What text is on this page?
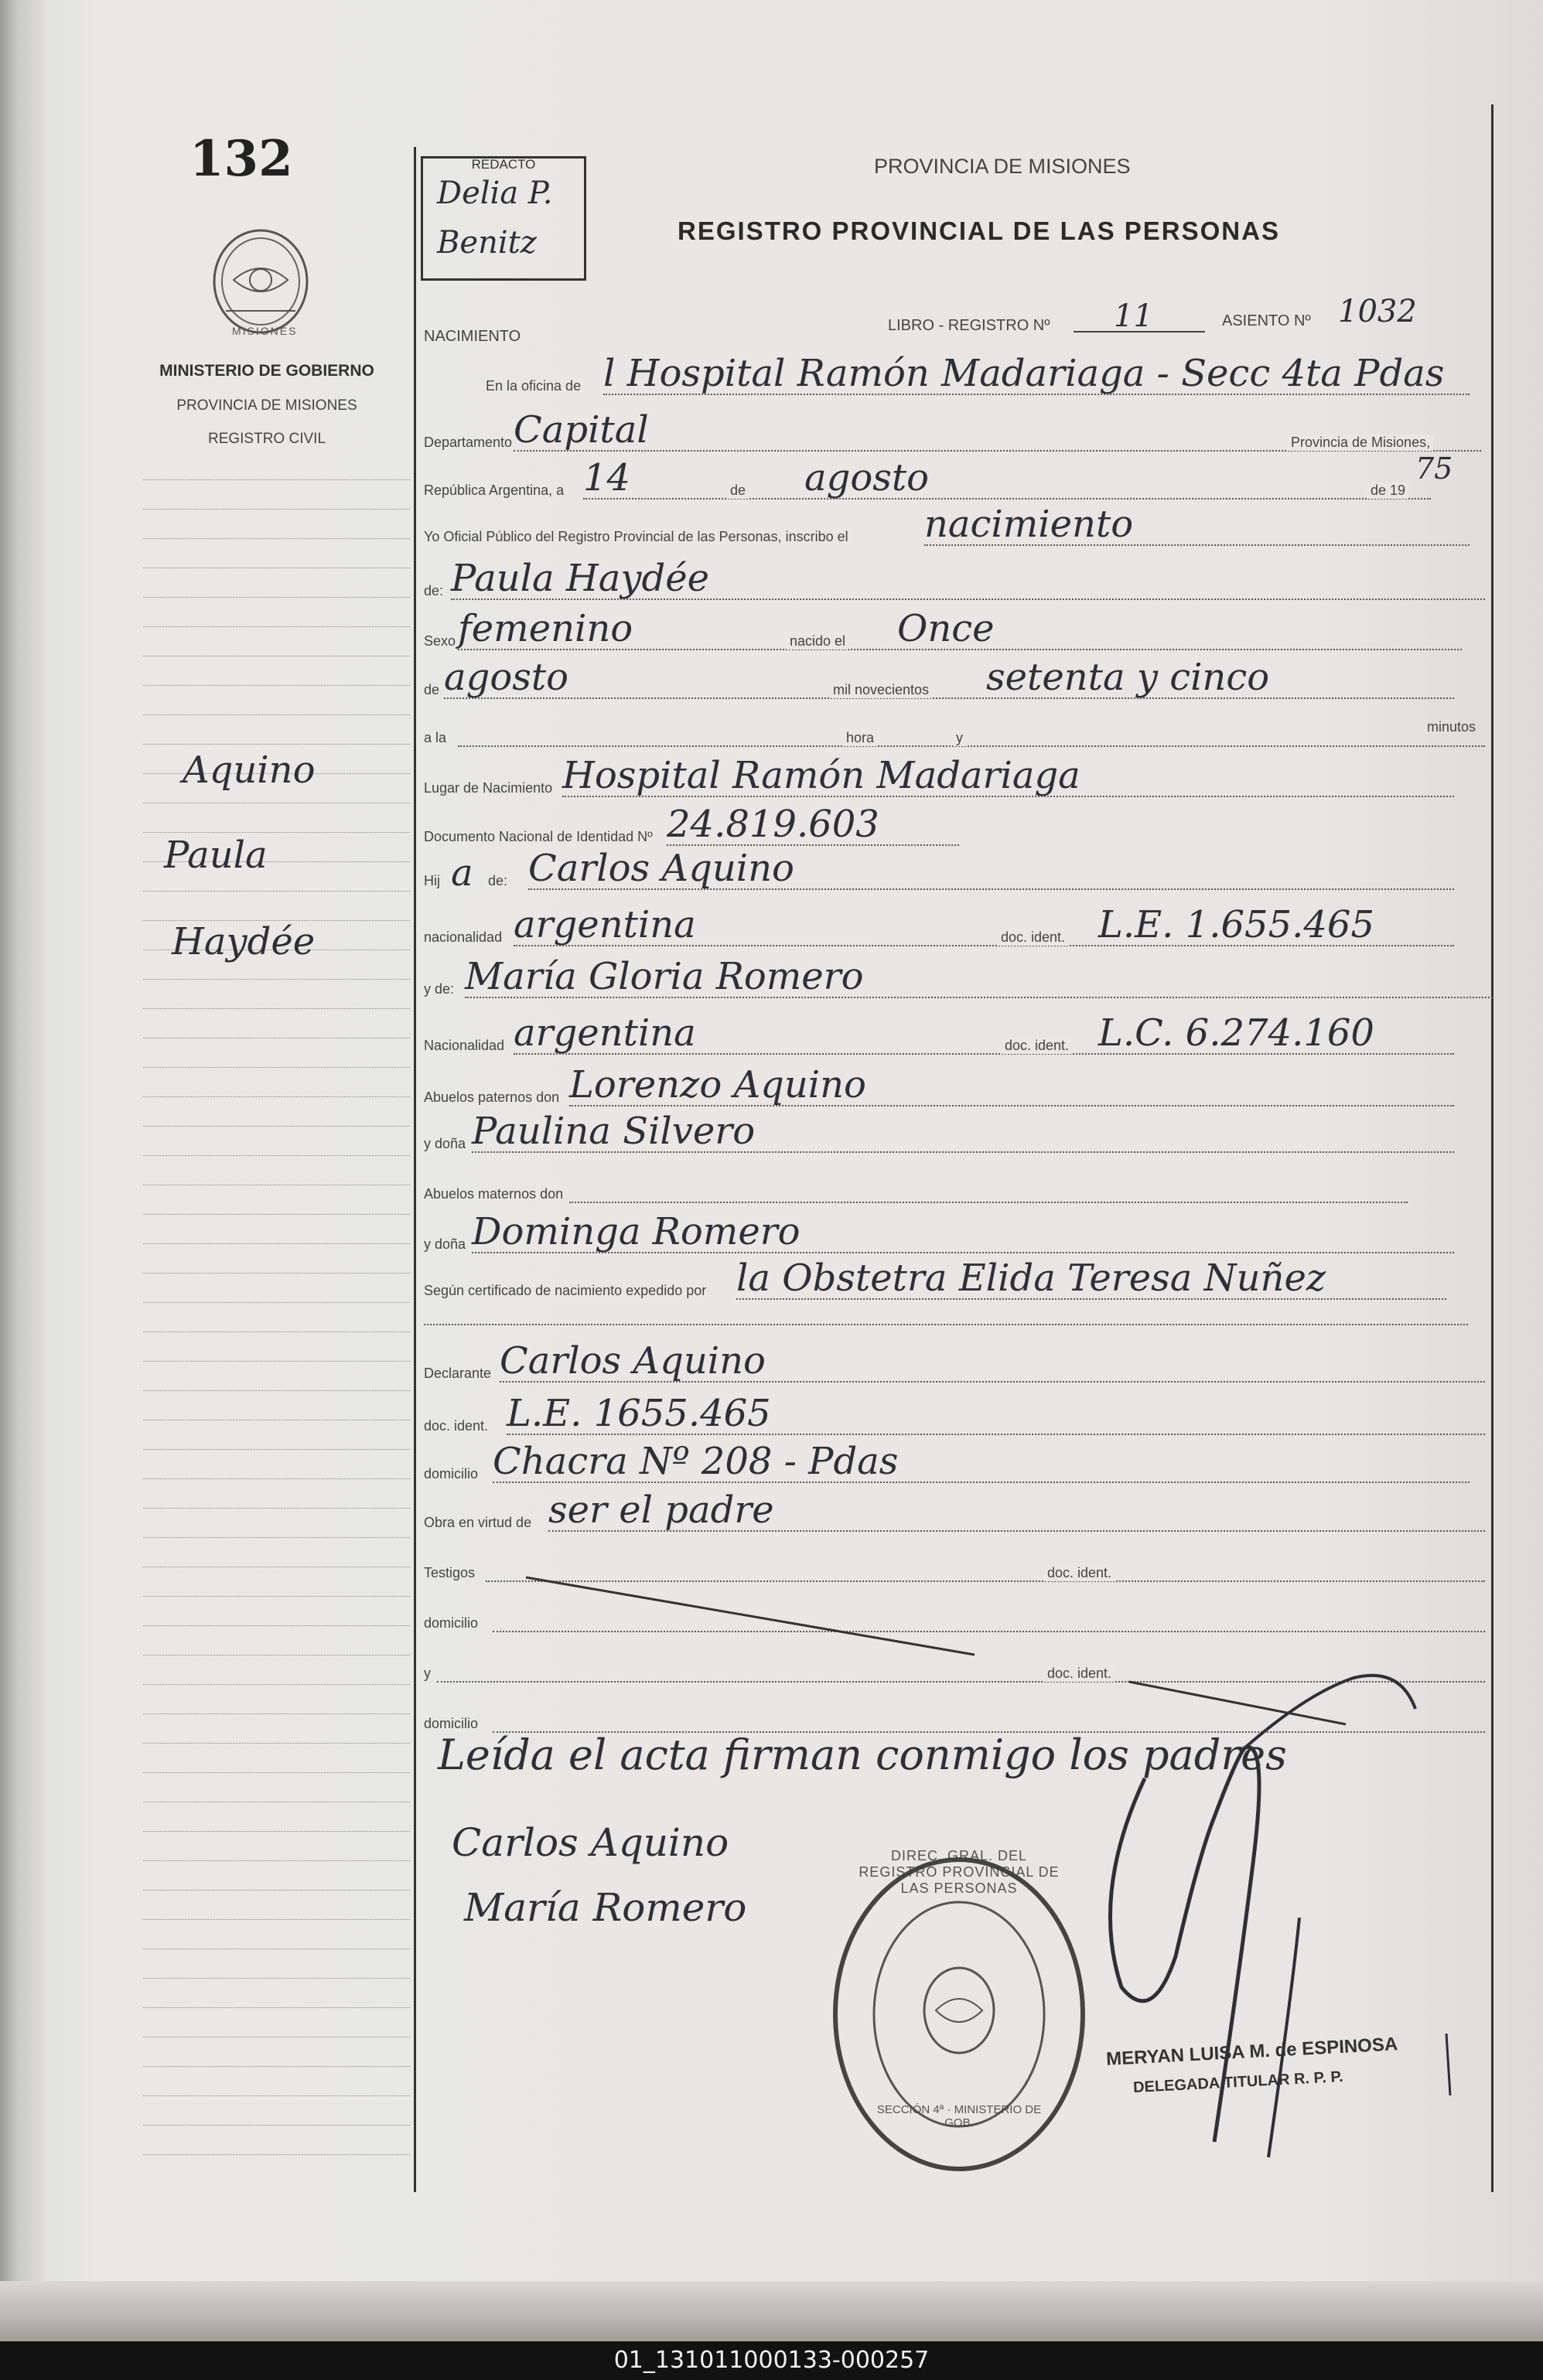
132
MISIONES
MINISTERIO DE GOBIERNO
PROVINCIA DE MISIONES
REGISTRO CIVIL
Aquino
Paula
Haydée
REDACTO
Delia P.
Benitz
PROVINCIA DE MISIONES
REGISTRO PROVINCIAL DE LAS PERSONAS
NACIMIENTO
LIBRO - REGISTRO Nº 11	ASIENTO Nº 1032
En la oficina de l Hospital Ramón Madariaga - Secc 4ta Pdas
Departamento Capital	Provincia de Misiones,
República Argentina, a 14	de agosto	de 19
75
Yo Oficial Público del Registro Provincial de las Personas, inscribo el nacimiento
de: Paula Haydée
Sexo femenino	nacido el Once
de agosto	mil novecientos setenta y cinco
a la	hora	y
minutos
Lugar de Nacimiento Hospital Ramón Madariaga
Documento Nacional de Identidad Nº 24.819.603
Hij a de: Carlos Aquino
nacionalidad argentina	doc. ident. L.E. 1.655.465
y de: María Gloria Romero
Nacionalidad argentina	doc. ident. L.C. 6.274.160
Abuelos paternos don Lorenzo Aquino
y doña Paulina Silvero
Abuelos maternos don
y doña Dominga Romero
Según certificado de nacimiento expedido por la Obstetra Elida Teresa Nuñez
Declarante Carlos Aquino
doc. ident. L.E. 1655.465
domicilio Chacra Nº 208 - Pdas
Obra en virtud de ser el padre
Testigos	doc. ident.
domicilio
y	doc. ident.
domicilio
Leída el acta firman conmigo los padres
Carlos Aquino
María Romero
DIREC. GRAL. DEL REGISTRO PROVINCIAL DE LAS PERSONAS
SECCIÓN 4ª · MINISTERIO DE GOB.
MERYAN LUISA M. de ESPINOSA
DELEGADA TITULAR R. P. P.
01_131011000133-000257
